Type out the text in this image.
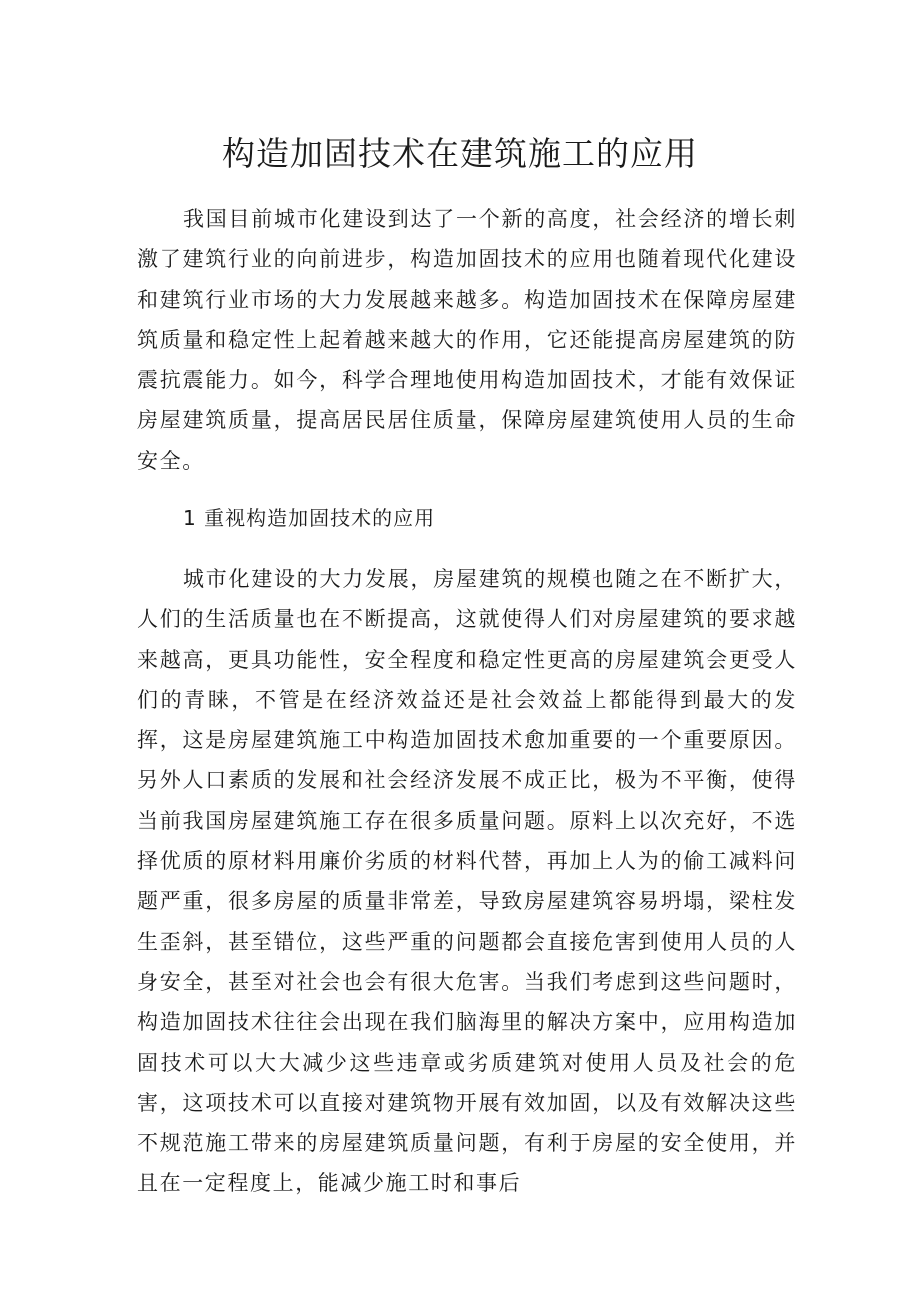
构造加固技术在建筑施工的应用

我国目前城市化建设到达了一个新的高度，社会经济的增长刺激了建筑行业的向前进步，构造加固技术的应用也随着现代化建设和建筑行业市场的大力发展越来越多。构造加固技术在保障房屋建筑质量和稳定性上起着越来越大的作用，它还能提高房屋建筑的防震抗震能力。如今，科学合理地使用构造加固技术，才能有效保证房屋建筑质量，提高居民居住质量，保障房屋建筑使用人员的生命安全。

1 重视构造加固技术的应用

城市化建设的大力发展，房屋建筑的规模也随之在不断扩大，人们的生活质量也在不断提高，这就使得人们对房屋建筑的要求越来越高，更具功能性，安全程度和稳定性更高的房屋建筑会更受人们的青睐，不管是在经济效益还是社会效益上都能得到最大的发挥，这是房屋建筑施工中构造加固技术愈加重要的一个重要原因。另外人口素质的发展和社会经济发展不成正比，极为不平衡，使得当前我国房屋建筑施工存在很多质量问题。原料上以次充好，不选择优质的原材料用廉价劣质的材料代替，再加上人为的偷工减料问题严重，很多房屋的质量非常差，导致房屋建筑容易坍塌，梁柱发生歪斜，甚至错位，这些严重的问题都会直接危害到使用人员的人身安全，甚至对社会也会有很大危害。当我们考虑到这些问题时，构造加固技术往往会出现在我们脑海里的解决方案中，应用构造加固技术可以大大减少这些违章或劣质建筑对使用人员及社会的危害，这项技术可以直接对建筑物开展有效加固，以及有效解决这些不规范施工带来的房屋建筑质量问题，有利于房屋的安全使用，并且在一定程度上，能减少施工时和事后
